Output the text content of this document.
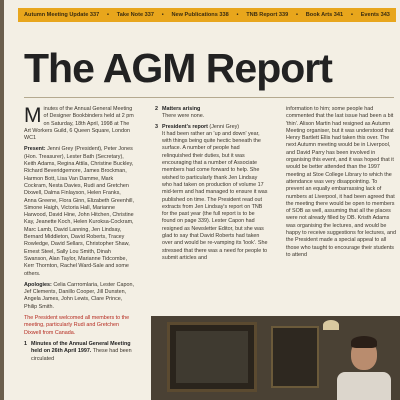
Autumn Meeting Update 337 • Take Note 337 • New Publications 338 • TNB Report 339 • Book Arts 341 • Events 343
The AGM Report

Minutes of the Annual General Meeting of Designer Bookbinders held at 2 pm on Saturday, 18th April, 1998 at The Art Workers Guild, 6 Queen Square, London WC1

Present: Jenni Grey (President), Peter Jones (Hon. Treasurer), Lester Bath (Secretary), Keith Adams, Regina Attila, Christine Buckley, Richard Beveridgemore, James Brockman, Harmon Bott, Lisa Van Damme, Mark Cockram, Nesta Davies, Rudi and Gretchen Dixwell, Dalma Finlayson, Helen Franks, Anna Greene, Flora Ginn, Elizabeth Greenhill, Simone Haigh, Victoria Hall, Marianne Harwood, David Hine, John Hitchen, Christine Kay, Jeanette Koch, Helen Kuroksa-Cockram, Marc Lamb, David Lanning, Jen Lindsay, Bernard Middleton, David Roberts, Tracey Rowledge, David Sellars, Christopher Shaw, Ernest Steel, Sally Lou Smith, Dinah Swanson, Alan Taylor, Marianne Tidcombe, Kerr Thornton, Rachel Ward-Sale and some others.

Apologies: Celia Carrromlaria, Lester Capon, Jef Clements, Danillo Cooper, Jill Dunsten, Angela James, John Lewis, Clare Prince, Philip Smith.

The President welcomed all members to the meeting, particularly Rudi and Gretchen Dixwell from Canada.

1 Minutes of the Annual General Meeting held on 26th April 1997. These had been circulated
2 Matters arising
There were none.
3 President's report (Jenni Grey)
It had been rather an 'up and down' year, with things being quite hectic beneath the surface. A number of people had relinquished their duties, but it was encouraging that a number of Associate members had come forward to help. She wished to particularly thank Jen Lindsay who had taken on production of volume 17 mid-term and had managed to ensure it was published on time. The President read out extracts from Jen Lindsay's report on TNB for the past year (the full report is to be found on page 339). Lester Capon had resigned as Newsletter Editor, but she was glad to say that David Roberts had taken over and would be re-vamping its 'look'. She stressed that there was a need for people to submit articles and

information to him; some people had commented that the last issue had been a bit 'thin'. Alison Martin had resigned as Autumn Meeting organiser, but it was understood that Henry Bartlett Ellis had taken this over. The next Autumn meeting would be in Liverpool, and David Parry has been involved in organising this event, and it was hoped that it would be better attended than the 1997 meeting at Stoe College Library to which the attendance was very disappointing. To prevent an equally embarrassing lack of numbers at Liverpool, it had been agreed that the meeting there would be open to members of SOB as well, assuming that all the places were not already filled by DB. Kristh Adams was organising the lectures, and would be happy to receive suggestions for lectures, and the President made a special appeal to all those who taught to encourage their students to attend
